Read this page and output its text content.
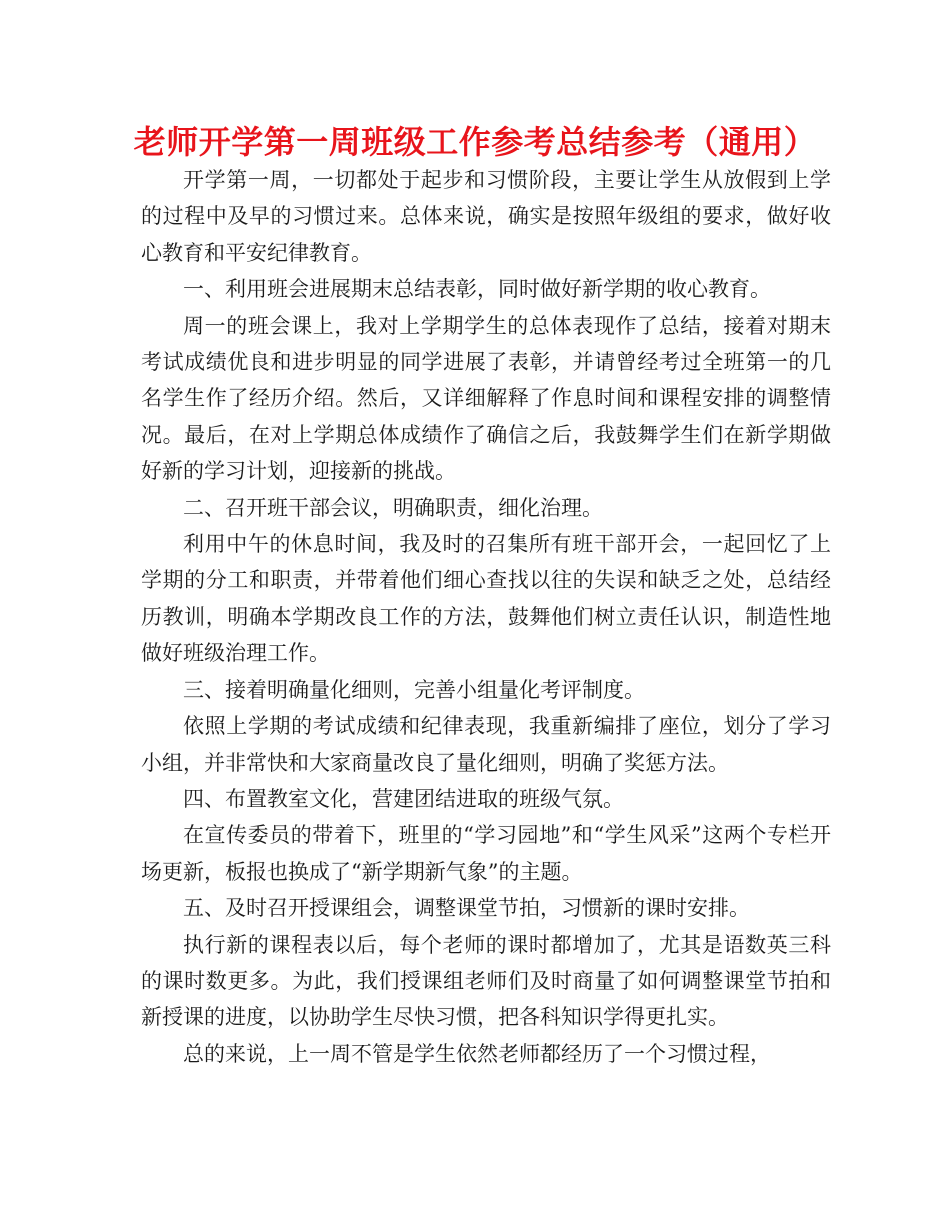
老师开学第一周班级工作参考总结参考（通用）

开学第一周，一切都处于起步和习惯阶段，主要让学生从放假到上学的过程中及早的习惯过来。总体来说，确实是按照年级组的要求，做好收心教育和平安纪律教育。

一、利用班会进展期末总结表彰，同时做好新学期的收心教育。

周一的班会课上，我对上学期学生的总体表现作了总结，接着对期末考试成绩优良和进步明显的同学进展了表彰，并请曾经考过全班第一的几名学生作了经历介绍。然后，又详细解释了作息时间和课程安排的调整情况。最后，在对上学期总体成绩作了确信之后，我鼓舞学生们在新学期做好新的学习计划，迎接新的挑战。

二、召开班干部会议，明确职责，细化治理。

利用中午的休息时间，我及时的召集所有班干部开会，一起回忆了上学期的分工和职责，并带着他们细心查找以往的失误和缺乏之处，总结经历教训，明确本学期改良工作的方法，鼓舞他们树立责任认识，制造性地做好班级治理工作。

三、接着明确量化细则，完善小组量化考评制度。

依照上学期的考试成绩和纪律表现，我重新编排了座位，划分了学习小组，并非常快和大家商量改良了量化细则，明确了奖惩方法。

四、布置教室文化，营建团结进取的班级气氛。

在宣传委员的带着下，班里的“学习园地”和“学生风采”这两个专栏开场更新，板报也换成了“新学期新气象”的主题。

五、及时召开授课组会，调整课堂节拍，习惯新的课时安排。

执行新的课程表以后，每个老师的课时都增加了，尤其是语数英三科的课时数更多。为此，我们授课组老师们及时商量了如何调整课堂节拍和新授课的进度，以协助学生尽快习惯，把各科知识学得更扎实。

总的来说，上一周不管是学生依然老师都经历了一个习惯过程，
